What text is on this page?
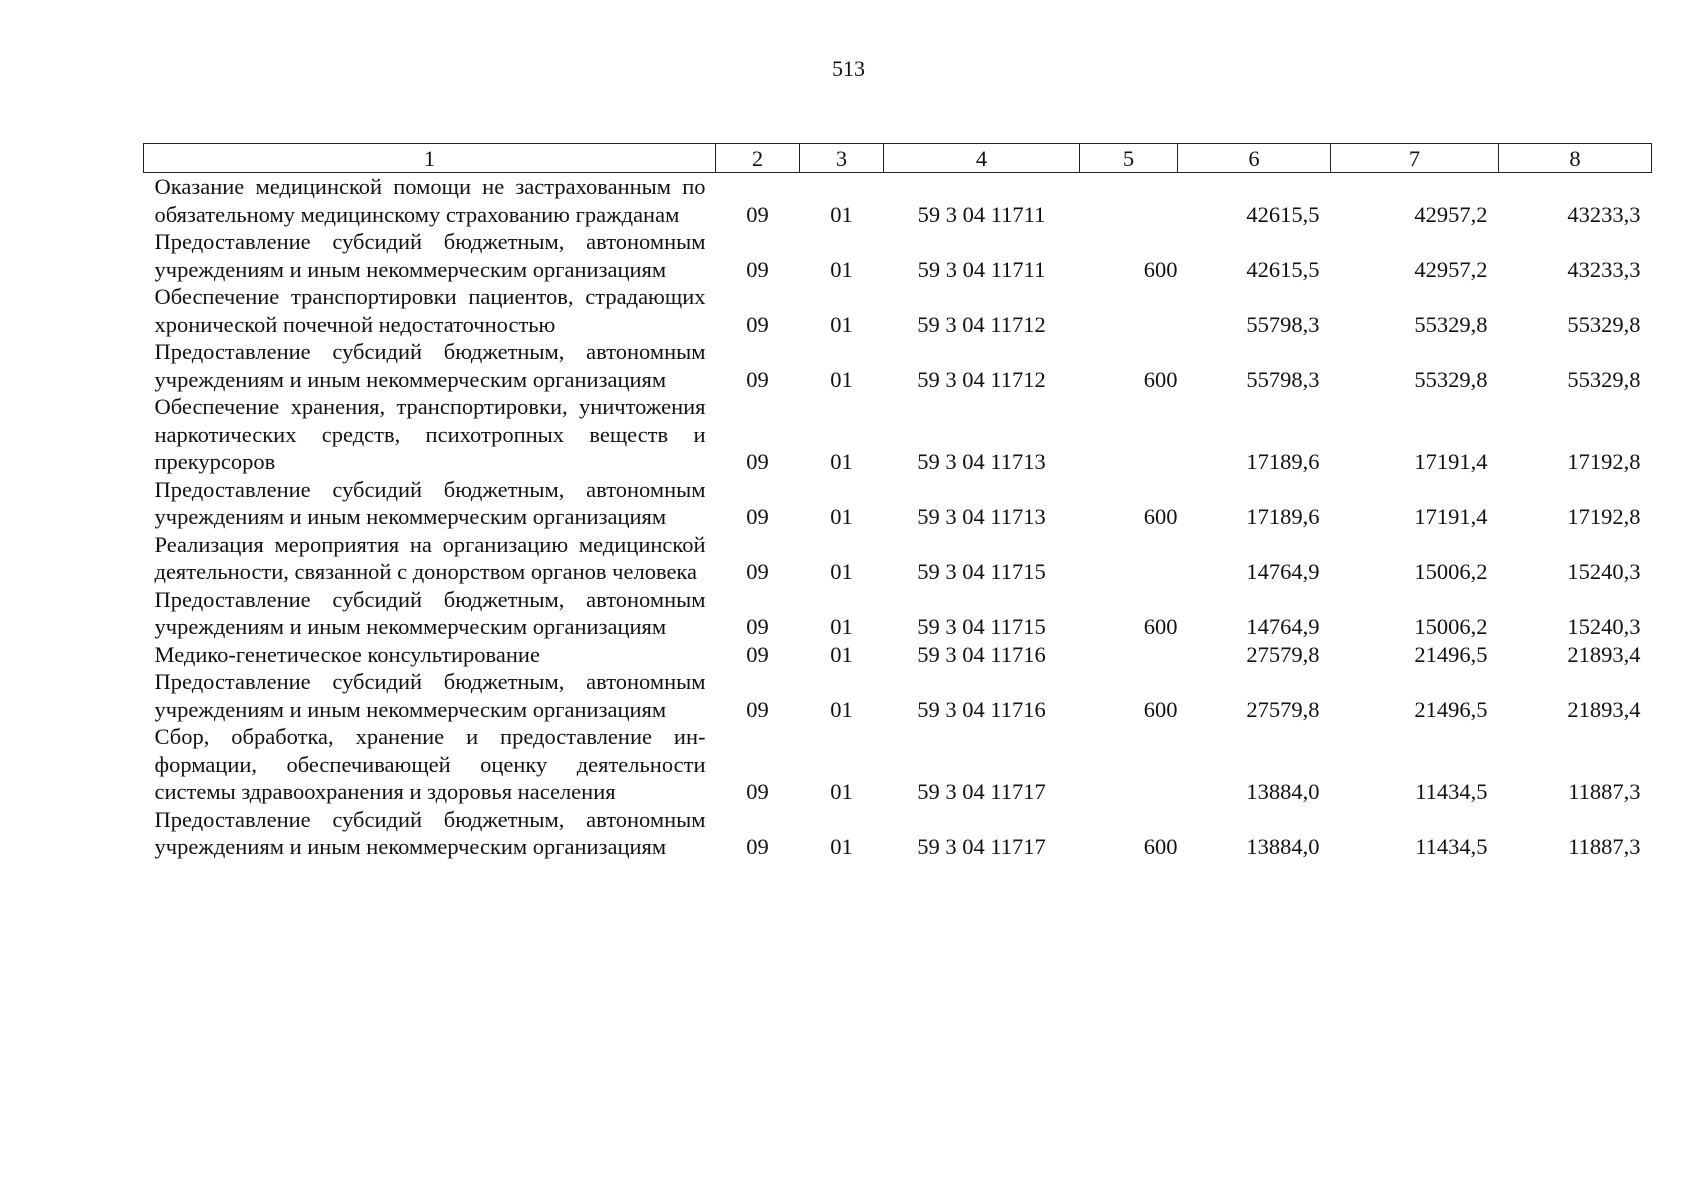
513
1	2	3	4	5	6	7	8
Оказание медицинской помощи не застрахованным по обязательному медицинскому страхованию гражданам	09	01	59 3 04 11711		42615,5	42957,2	43233,3
Предоставление субсидий бюджетным, автономным учреждениям и иным некоммерческим организациям	09	01	59 3 04 11711	600	42615,5	42957,2	43233,3
Обеспечение транспортировки пациентов, страдающих хронической почечной недостаточностью	09	01	59 3 04 11712		55798,3	55329,8	55329,8
Предоставление субсидий бюджетным, автономным учреждениям и иным некоммерческим организациям	09	01	59 3 04 11712	600	55798,3	55329,8	55329,8
Обеспечение хранения, транспортировки, уничтожения наркотических средств, психотропных веществ и прекурсоров	09	01	59 3 04 11713		17189,6	17191,4	17192,8
Предоставление субсидий бюджетным, автономным учреждениям и иным некоммерческим организациям	09	01	59 3 04 11713	600	17189,6	17191,4	17192,8
Реализация мероприятия на организацию медицинской деятельности, связанной с донорством органов человека	09	01	59 3 04 11715		14764,9	15006,2	15240,3
Предоставление субсидий бюджетным, автономным учреждениям и иным некоммерческим организациям	09	01	59 3 04 11715	600	14764,9	15006,2	15240,3
Медико-генетическое консультирование	09	01	59 3 04 11716		27579,8	21496,5	21893,4
Предоставление субсидий бюджетным, автономным учреждениям и иным некоммерческим организациям	09	01	59 3 04 11716	600	27579,8	21496,5	21893,4
Сбор, обработка, хранение и предоставление информации, обеспечивающей оценку деятельности системы здравоохранения и здоровья населения	09	01	59 3 04 11717		13884,0	11434,5	11887,3
Предоставление субсидий бюджетным, автономным учреждениям и иным некоммерческим организациям	09	01	59 3 04 11717	600	13884,0	11434,5	11887,3
